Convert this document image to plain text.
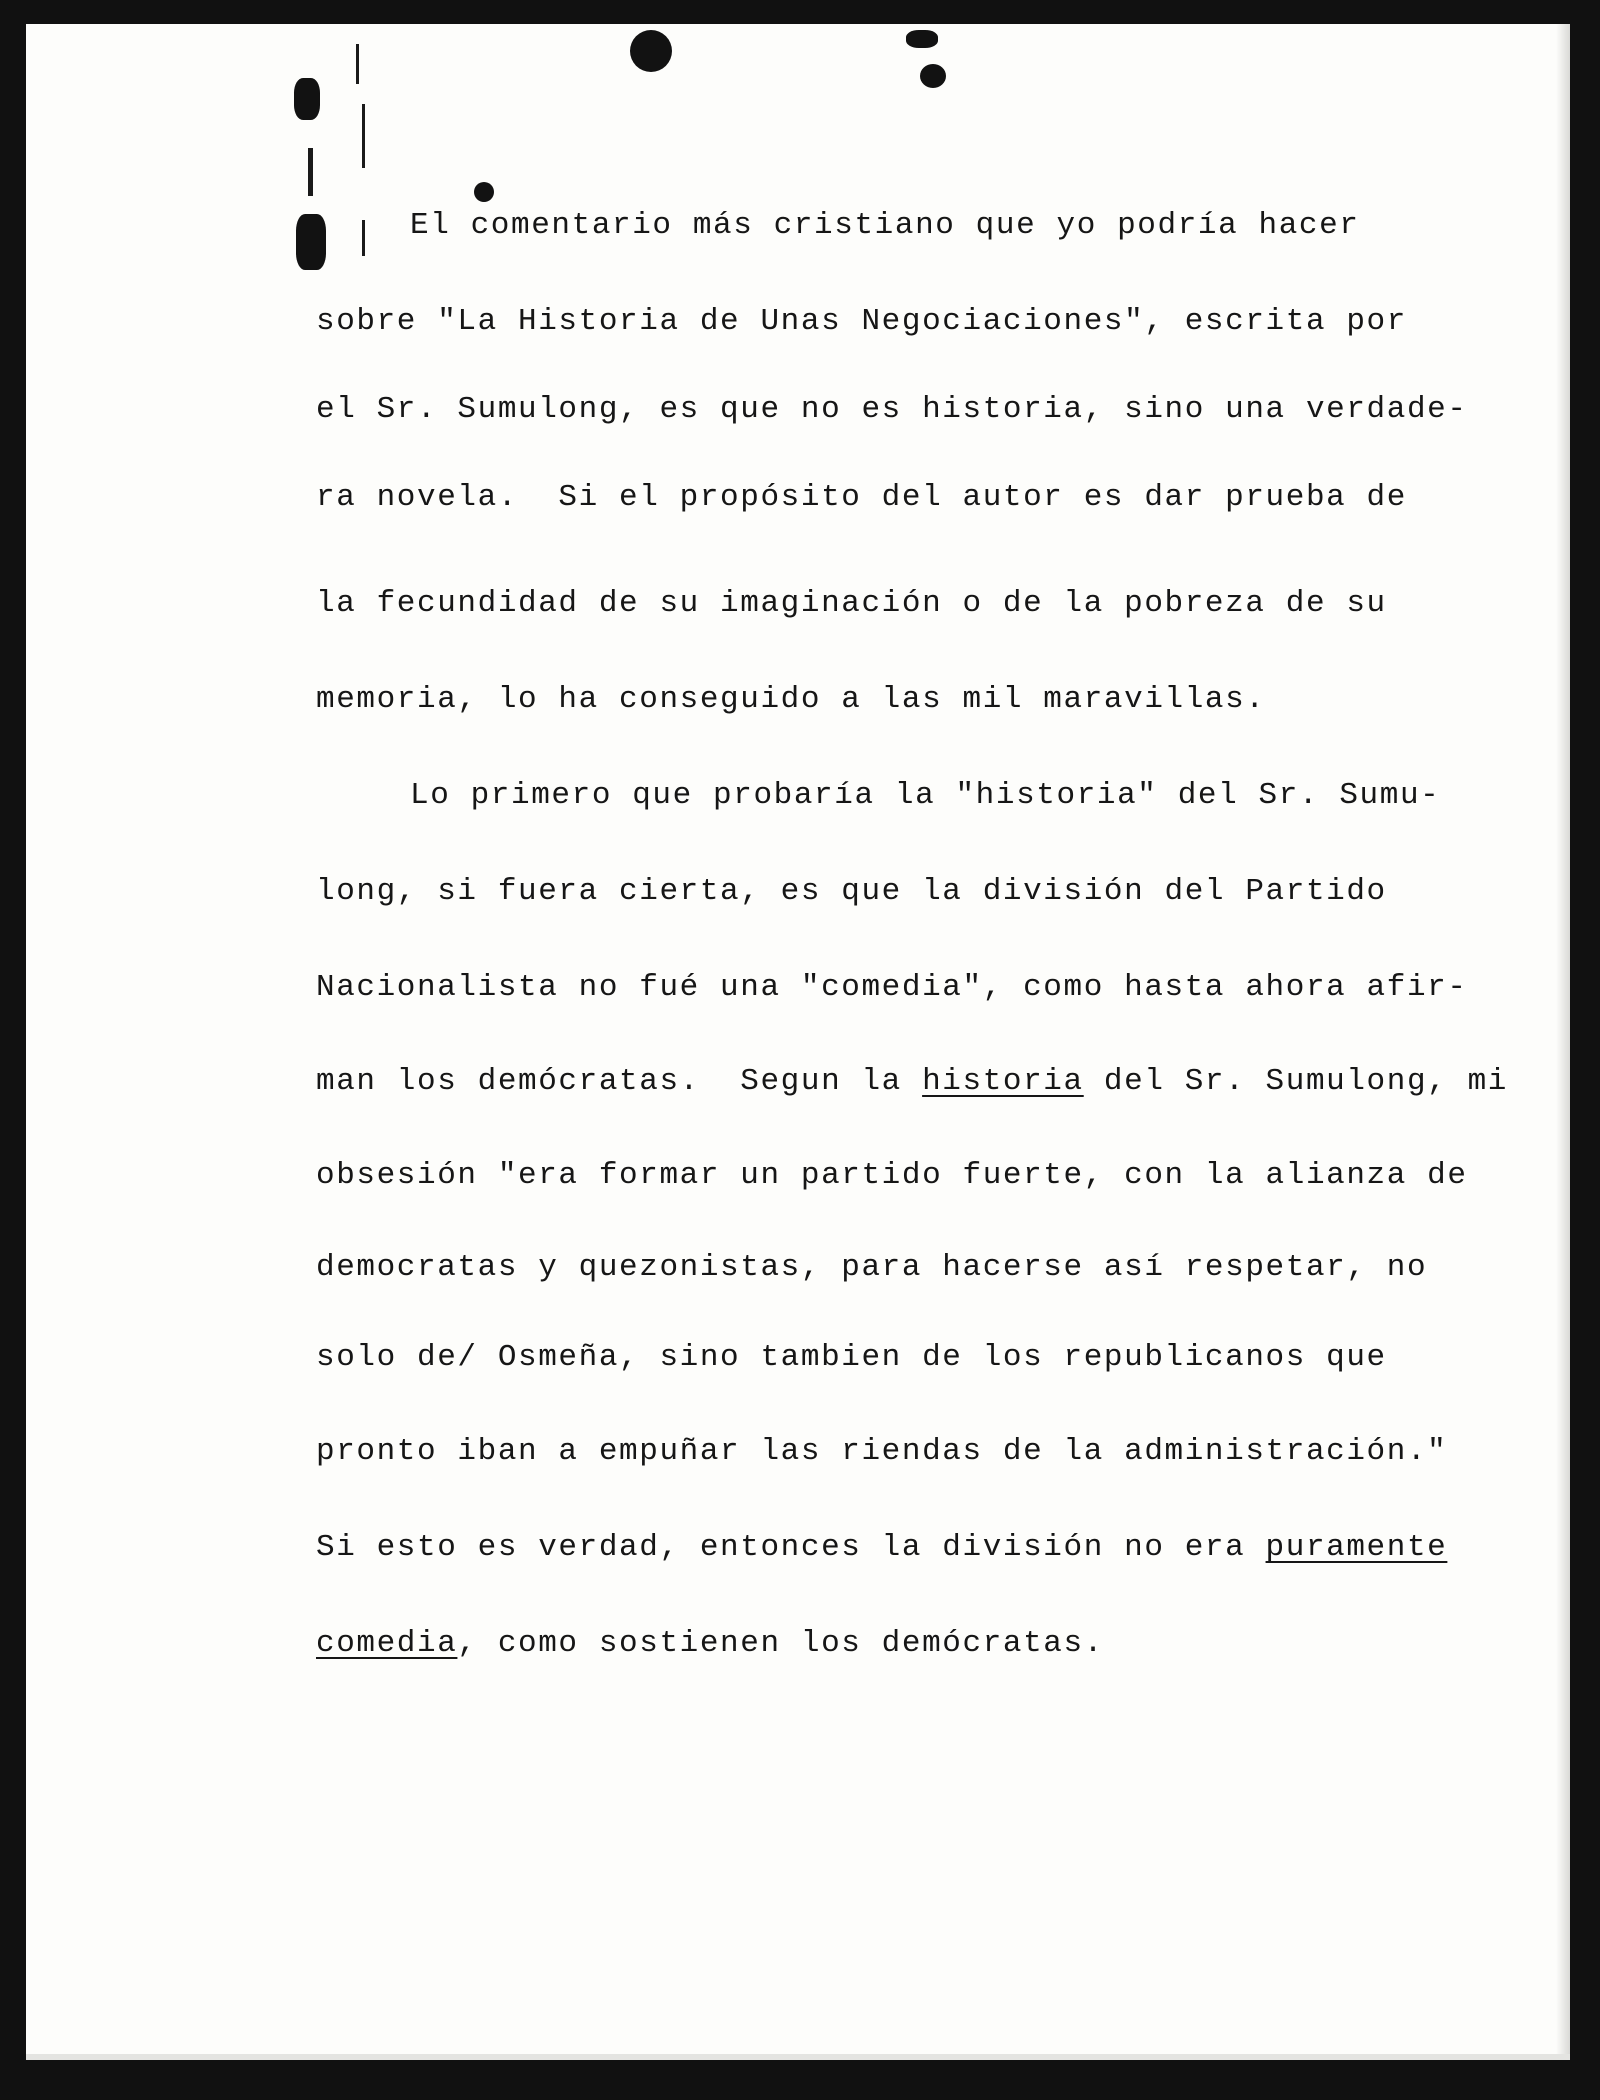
El comentario más cristiano que yo podría hacer
sobre "La Historia de Unas Negociaciones", escrita por
el Sr. Sumulong, es que no es historia, sino una verdade-
ra novela.  Si el propósito del autor es dar prueba de
la fecundidad de su imaginación o de la pobreza de su
memoria, lo ha conseguido a las mil maravillas.
Lo primero que probaría la "historia" del Sr. Sumu-
long, si fuera cierta, es que la división del Partido
Nacionalista no fué una "comedia", como hasta ahora afir-
man los demócratas.  Segun la historia del Sr. Sumulong, mi
obsesión "era formar un partido fuerte, con la alianza de
democratas y quezonistas, para hacerse así respetar, no
solo de/ Osmeña, sino tambien de los republicanos que
pronto iban a empuñar las riendas de la administración."
Si esto es verdad, entonces la división no era puramente
comedia, como sostienen los demócratas.
